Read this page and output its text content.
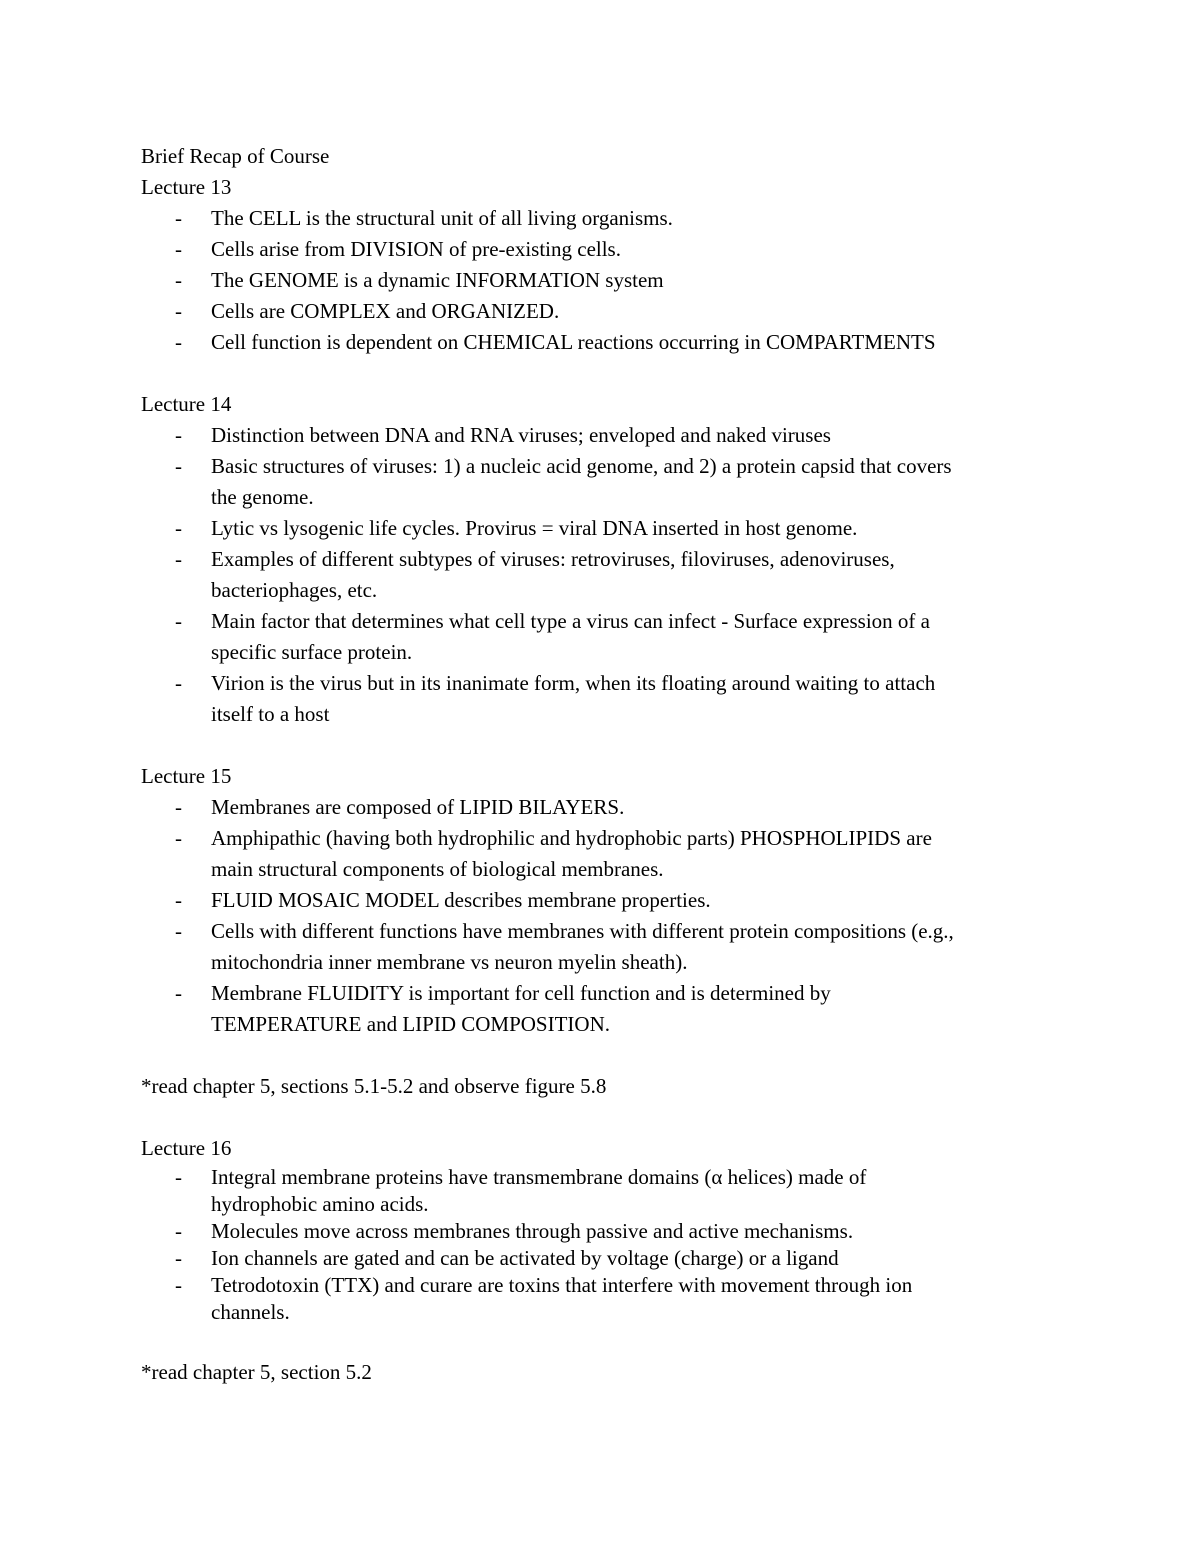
Brief Recap of Course

Lecture 13

- The CELL is the structural unit of all living organisms.
- Cells arise from DIVISION of pre-existing cells.
- The GENOME is a dynamic INFORMATION system
- Cells are COMPLEX and ORGANIZED.
- Cell function is dependent on CHEMICAL reactions occurring in COMPARTMENTS

Lecture 14

- Distinction between DNA and RNA viruses; enveloped and naked viruses
- Basic structures of viruses: 1) a nucleic acid genome, and 2) a protein capsid that covers
the genome.
- Lytic vs lysogenic life cycles. Provirus = viral DNA inserted in host genome.
- Examples of different subtypes of viruses: retroviruses, filoviruses, adenoviruses,
bacteriophages, etc.
- Main factor that determines what cell type a virus can infect - Surface expression of a
specific surface protein.
- Virion is the virus but in its inanimate form, when its floating around waiting to attach
itself to a host

Lecture 15

- Membranes are composed of LIPID BILAYERS.
- Amphipathic (having both hydrophilic and hydrophobic parts) PHOSPHOLIPIDS are
main structural components of biological membranes.
- FLUID MOSAIC MODEL describes membrane properties.
- Cells with different functions have membranes with different protein compositions (e.g.,
mitochondria inner membrane vs neuron myelin sheath).
- Membrane FLUIDITY is important for cell function and is determined by
TEMPERATURE and LIPID COMPOSITION.

*read chapter 5, sections 5.1-5.2 and observe figure 5.8

Lecture 16

- Integral membrane proteins have transmembrane domains (α helices) made of
hydrophobic amino acids.
- Molecules move across membranes through passive and active mechanisms.
- Ion channels are gated and can be activated by voltage (charge) or a ligand
- Tetrodotoxin (TTX) and curare are toxins that interfere with movement through ion
channels.

*read chapter 5, section 5.2
